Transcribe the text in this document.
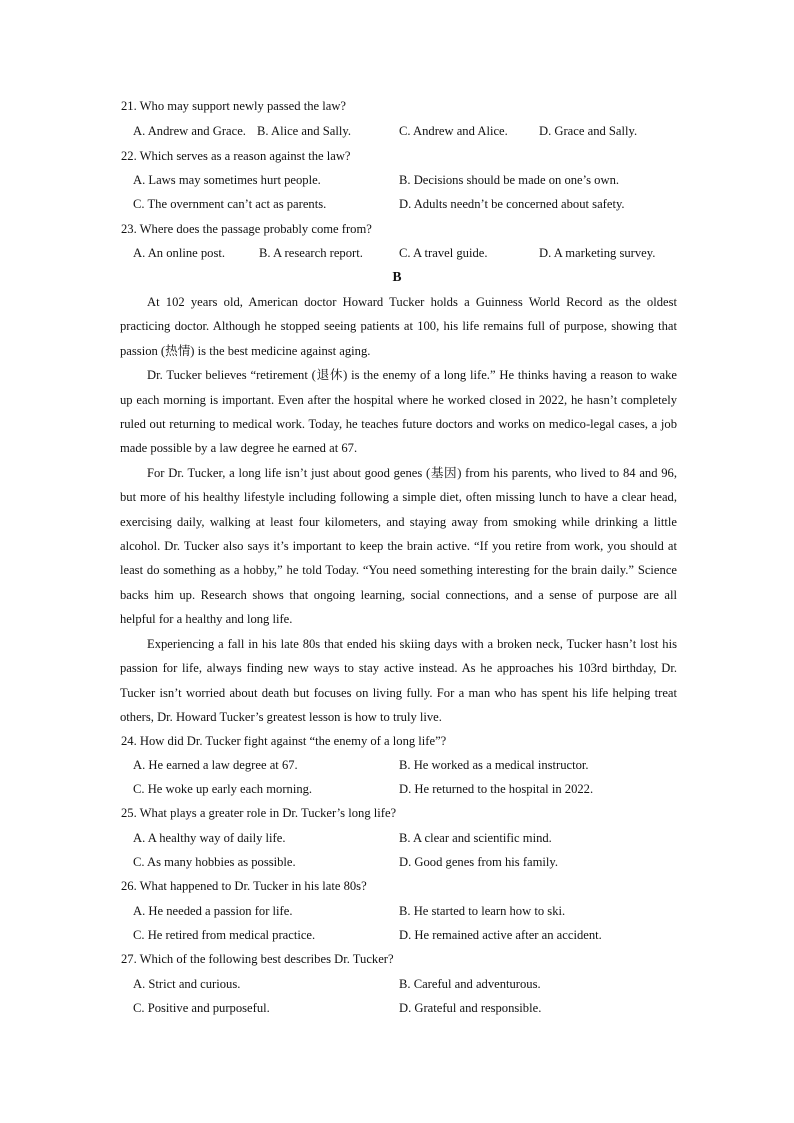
21. Who may support newly passed the law?
A. Andrew and Grace. B. Alice and Sally.	C. Andrew and Alice. D. Grace and Sally.
22. Which serves as a reason against the law?
A. Laws may sometimes hurt people.	B. Decisions should be made on one’s own.
C. The overnment can’t act as parents.	D. Adults needn’t be concerned about safety.
23. Where does the passage probably come from?
A. An online post.	B. A research report.	C. A travel guide.	D. A marketing survey.
B

At 102 years old, American doctor Howard Tucker holds a Guinness World Record as the oldest practicing doctor. Although he stopped seeing patients at 100, his life remains full of purpose, showing that passion (热情) is the best medicine against aging.

Dr. Tucker believes “retirement (退休) is the enemy of a long life.” He thinks having a reason to wake up each morning is important. Even after the hospital where he worked closed in 2022, he hasn’t completely ruled out returning to medical work. Today, he teaches future doctors and works on medico-legal cases, a job made possible by a law degree he earned at 67.

For Dr. Tucker, a long life isn’t just about good genes (基因) from his parents, who lived to 84 and 96, but more of his healthy lifestyle including following a simple diet, often missing lunch to have a clear head, exercising daily, walking at least four kilometers, and staying away from smoking while drinking a little alcohol. Dr. Tucker also says it’s important to keep the brain active. “If you retire from work, you should at least do something as a hobby,” he told Today. “You need something interesting for the brain daily.” Science backs him up. Research shows that ongoing learning, social connections, and a sense of purpose are all helpful for a healthy and long life.

Experiencing a fall in his late 80s that ended his skiing days with a broken neck, Tucker hasn’t lost his passion for life, always finding new ways to stay active instead. As he approaches his 103rd birthday, Dr. Tucker isn’t worried about death but focuses on living fully. For a man who has spent his life helping treat others, Dr. Howard Tucker’s greatest lesson is how to truly live.

24. How did Dr. Tucker fight against “the enemy of a long life”?
A. He earned a law degree at 67.	B. He worked as a medical instructor.
C. He woke up early each morning.	D. He returned to the hospital in 2022.
25. What plays a greater role in Dr. Tucker’s long life?
A. A healthy way of daily life.	B. A clear and scientific mind.
C. As many hobbies as possible.	D. Good genes from his family.
26. What happened to Dr. Tucker in his late 80s?
A. He needed a passion for life.	B. He started to learn how to ski.
C. He retired from medical practice.	D. He remained active after an accident.
27. Which of the following best describes Dr. Tucker?
A. Strict and curious.	B. Careful and adventurous.
C. Positive and purposeful.	D. Grateful and responsible.
